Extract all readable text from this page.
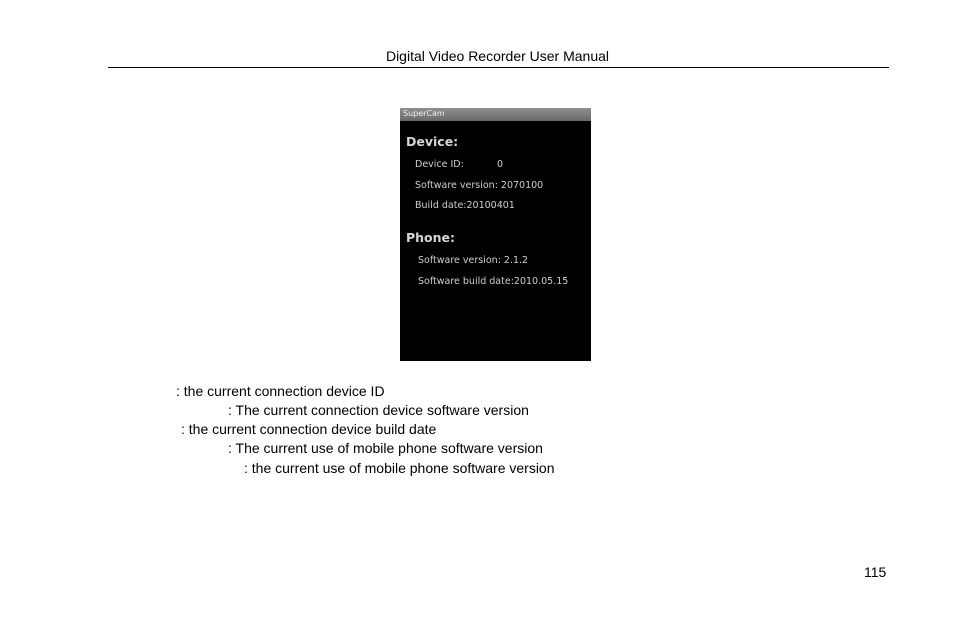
Digital Video Recorder User Manual
SuperCam
Device:
Device ID:	0
Software version: 2070100
Build date:20100401
Phone:
Software version: 2.1.2
Software build date:2010.05.15
: the current connection device ID
: The current connection device software version
: the current connection device build date
: The current use of mobile phone software version
: the current use of mobile phone software version
115
